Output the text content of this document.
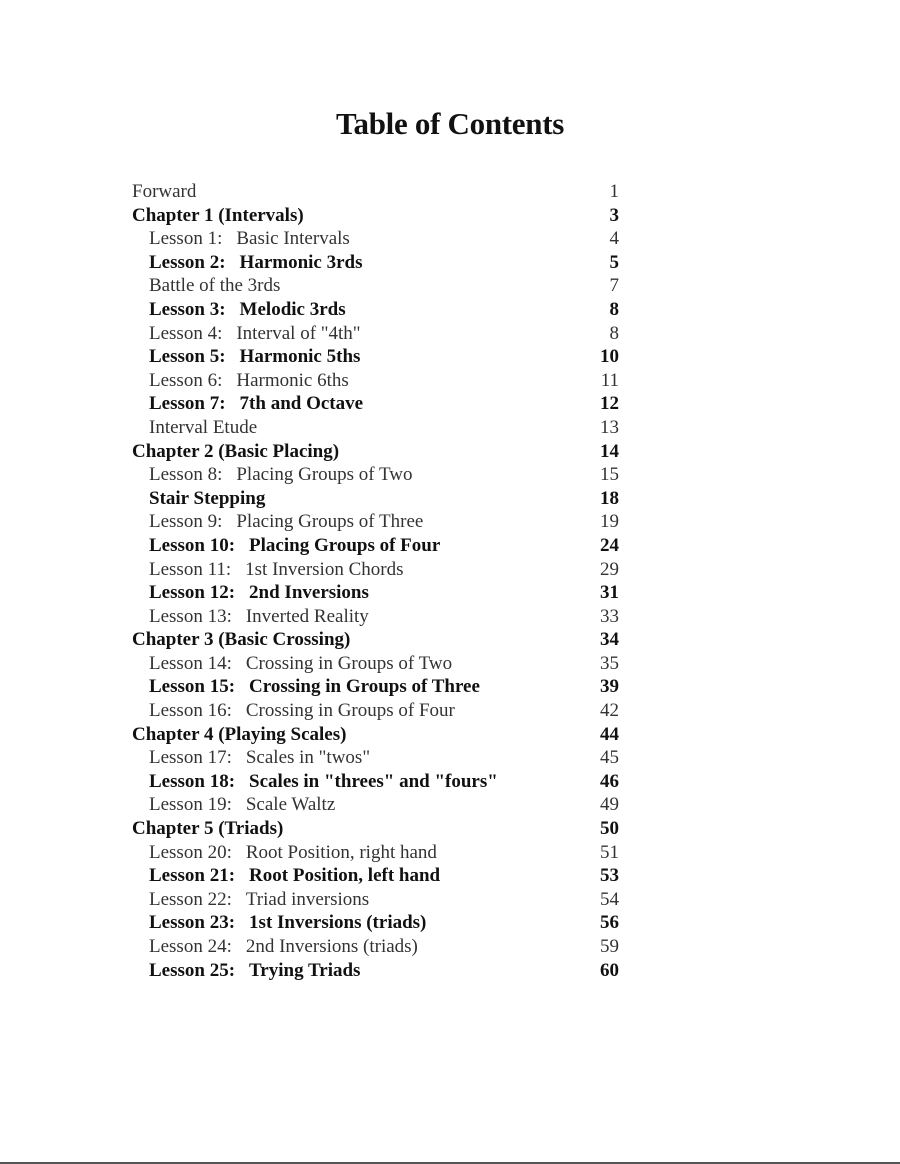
Table of Contents
Forward	1
Chapter 1 (Intervals)	3
Lesson 1: Basic Intervals	4
Lesson 2: Harmonic 3rds	5
Battle of the 3rds	7
Lesson 3: Melodic 3rds	8
Lesson 4: Interval of "4th"	8
Lesson 5: Harmonic 5ths	10
Lesson 6: Harmonic 6ths	11
Lesson 7: 7th and Octave	12
Interval Etude	13
Chapter 2 (Basic Placing)	14
Lesson 8: Placing Groups of Two	15
Stair Stepping	18
Lesson 9: Placing Groups of Three	19
Lesson 10: Placing Groups of Four	24
Lesson 11: 1st Inversion Chords	29
Lesson 12: 2nd Inversions	31
Lesson 13: Inverted Reality	33
Chapter 3 (Basic Crossing)	34
Lesson 14: Crossing in Groups of Two	35
Lesson 15: Crossing in Groups of Three	39
Lesson 16: Crossing in Groups of Four	42
Chapter 4 (Playing Scales)	44
Lesson 17: Scales in "twos"	45
Lesson 18: Scales in "threes" and "fours"	46
Lesson 19: Scale Waltz	49
Chapter 5 (Triads)	50
Lesson 20: Root Position, right hand	51
Lesson 21: Root Position, left hand	53
Lesson 22: Triad inversions	54
Lesson 23: 1st Inversions (triads)	56
Lesson 24: 2nd Inversions (triads)	59
Lesson 25: Trying Triads	60
